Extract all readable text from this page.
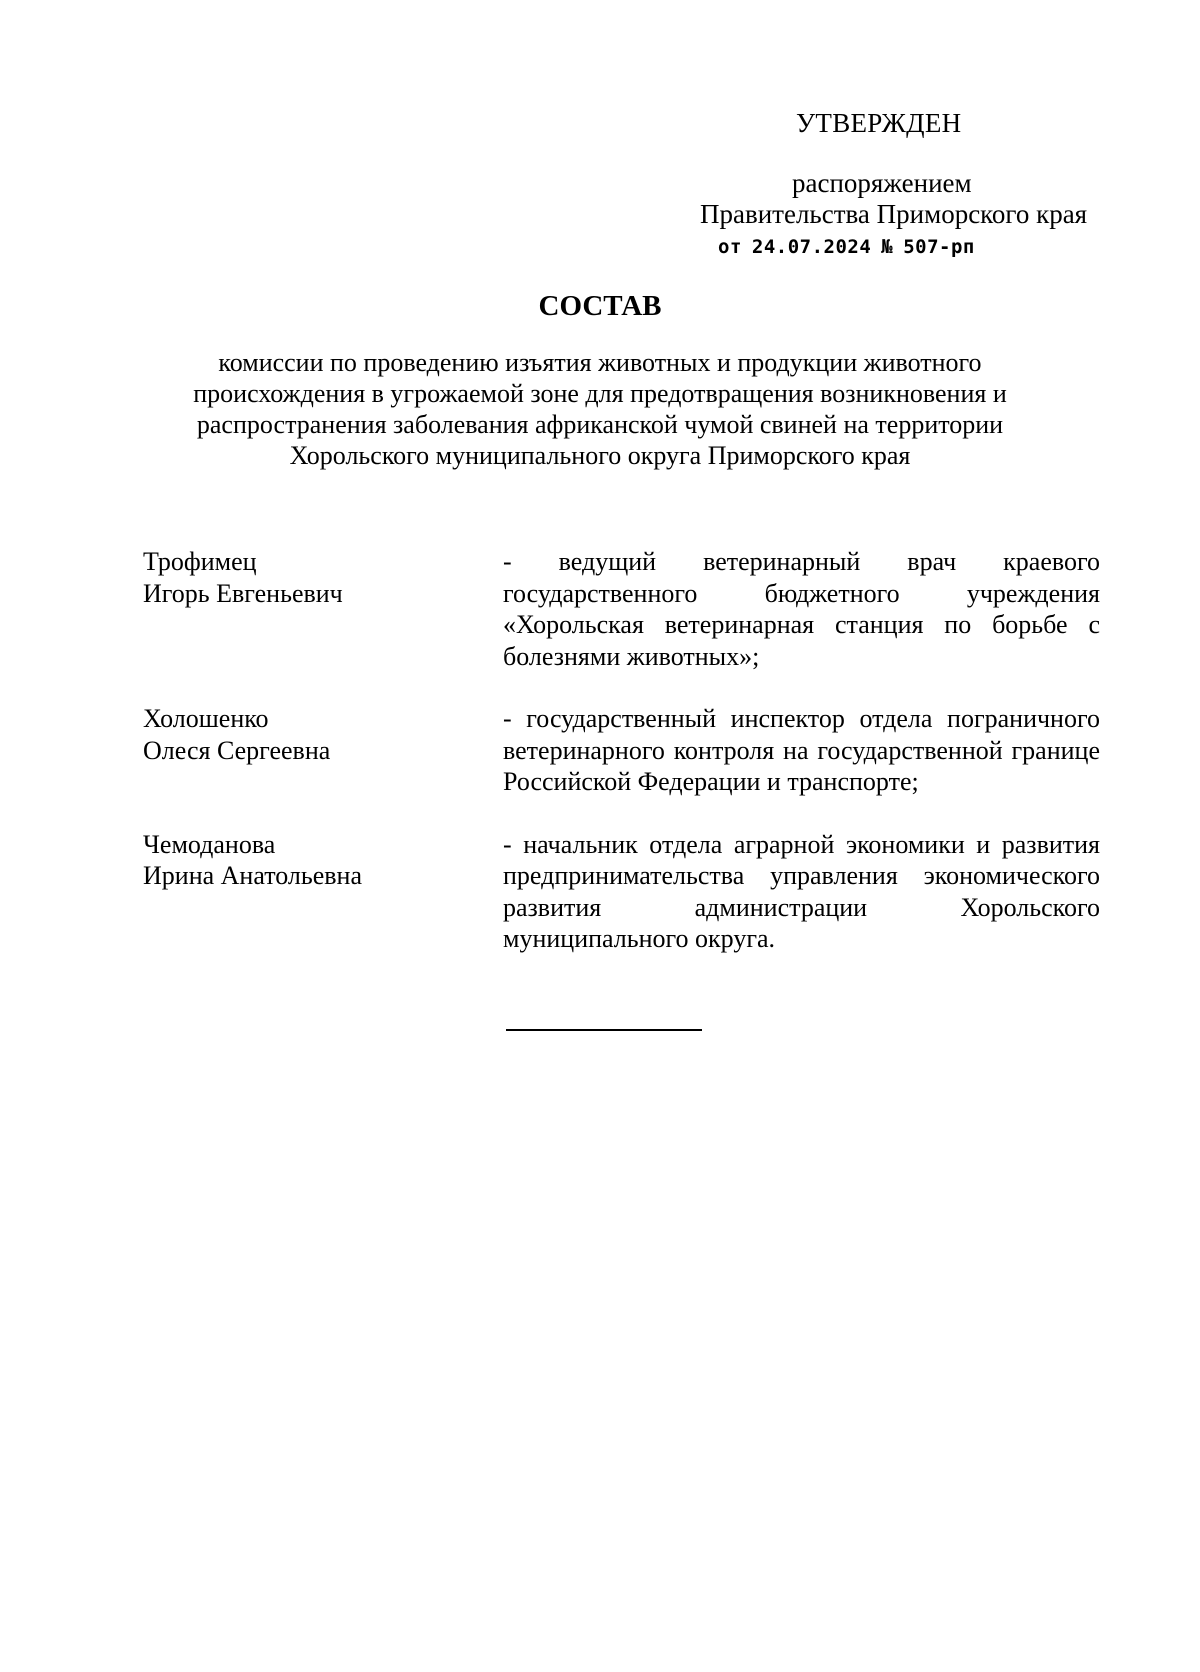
УТВЕРЖДЕН
распоряжением
Правительства Приморского края
от 24.07.2024 № 507-рп
СОСТАВ
комиссии по проведению изъятия животных и продукции животного происхождения в угрожаемой зоне для предотвращения возникновения и распространения заболевания африканской чумой свиней на территории Хорольского муниципального округа Приморского края
Трофимец
Игорь Евгеньевич
- ведущий ветеринарный врач краевого государственного бюджетного учреждения «Хорольская ветеринарная станция по борьбе с болезнями животных»;
Холошенко
Олеся Сергеевна
- государственный инспектор отдела пограничного ветеринарного контроля на государственной границе Российской Федерации и транспорте;
Чемоданова
Ирина Анатольевна
- начальник отдела аграрной экономики и развития предпринимательства управления экономического развития администрации Хорольского муниципального округа.
